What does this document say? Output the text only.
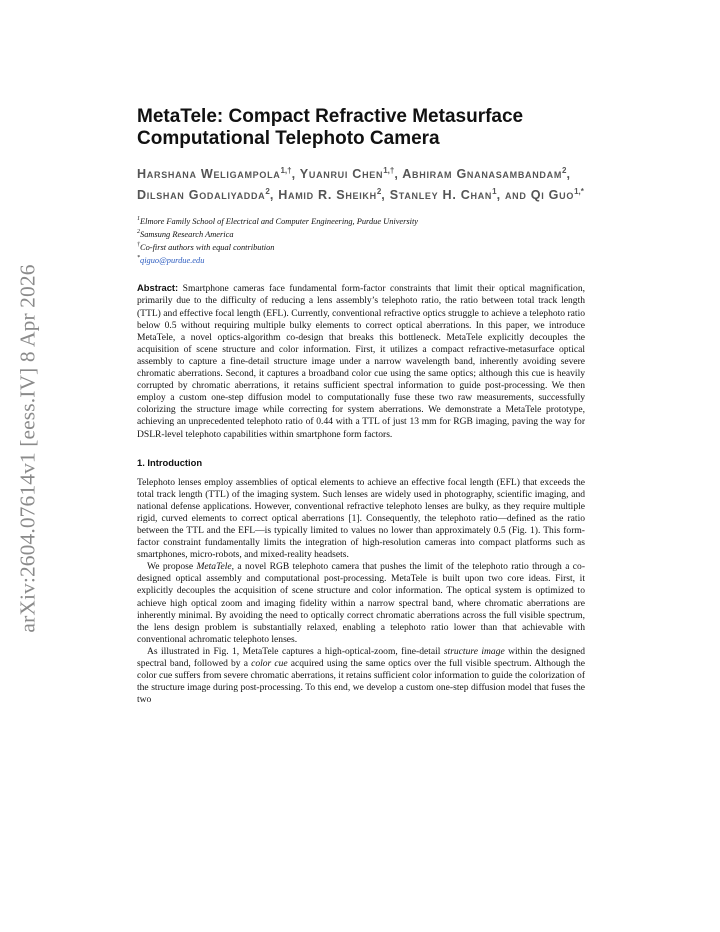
arXiv:2604.07614v1 [eess.IV] 8 Apr 2026
MetaTele: Compact Refractive Metasurface Computational Telephoto Camera
Harshana Weligampola$^{1,\dagger}$, Yuanrui Chen$^{1,\dagger}$, Abhiram Gnanasambandam$^2$, Dilshan Godaliyadda$^2$, Hamid R. Sheikh$^2$, Stanley H. Chan$^1$, and Qi Guo$^{1,*}$
$^1$Elmore Family School of Electrical and Computer Engineering, Purdue University
$^2$Samsung Research America
†Co-first authors with equal contribution
*qiguo@purdue.edu
Abstract: Smartphone cameras face fundamental form-factor constraints that limit their optical magnification, primarily due to the difficulty of reducing a lens assembly’s telephoto ratio, the ratio between total track length (TTL) and effective focal length (EFL). Currently, conventional refractive optics struggle to achieve a telephoto ratio below 0.5 without requiring multiple bulky elements to correct optical aberrations. In this paper, we introduce MetaTele, a novel optics-algorithm co-design that breaks this bottleneck. MetaTele explicitly decouples the acquisition of scene structure and color information. First, it utilizes a compact refractive-metasurface optical assembly to capture a fine-detail structure image under a narrow wavelength band, inherently avoiding severe chromatic aberrations. Second, it captures a broadband color cue using the same optics; although this cue is heavily corrupted by chromatic aberrations, it retains sufficient spectral information to guide post-processing. We then employ a custom one-step diffusion model to computationally fuse these two raw measurements, successfully colorizing the structure image while correcting for system aberrations. We demonstrate a MetaTele prototype, achieving an unprecedented telephoto ratio of 0.44 with a TTL of just 13 mm for RGB imaging, paving the way for DSLR-level telephoto capabilities within smartphone form factors.
1. Introduction

Telephoto lenses employ assemblies of optical elements to achieve an effective focal length (EFL) that exceeds the total track length (TTL) of the imaging system. Such lenses are widely used in photography, scientific imaging, and national defense applications. However, conventional refractive telephoto lenses are bulky, as they require multiple rigid, curved elements to correct optical aberrations [1]. Consequently, the telephoto ratio—defined as the ratio between the TTL and the EFL—is typically limited to values no lower than approximately 0.5 (Fig. 1). This form-factor constraint fundamentally limits the integration of high-resolution cameras into compact platforms such as smartphones, micro-robots, and mixed-reality headsets.

We propose MetaTele, a novel RGB telephoto camera that pushes the limit of the telephoto ratio through a co-designed optical assembly and computational post-processing. MetaTele is built upon two core ideas. First, it explicitly decouples the acquisition of scene structure and color information. The optical system is optimized to achieve high optical zoom and imaging fidelity within a narrow spectral band, where chromatic aberrations are inherently minimal. By avoiding the need to optically correct chromatic aberrations across the full visible spectrum, the lens design problem is substantially relaxed, enabling a telephoto ratio lower than that achievable with conventional achromatic telephoto lenses.

As illustrated in Fig. 1, MetaTele captures a high-optical-zoom, fine-detail structure image within the designed spectral band, followed by a color cue acquired using the same optics over the full visible spectrum. Although the color cue suffers from severe chromatic aberrations, it retains sufficient color information to guide the colorization of the structure image during post-processing. To this end, we develop a custom one-step diffusion model that fuses the two
